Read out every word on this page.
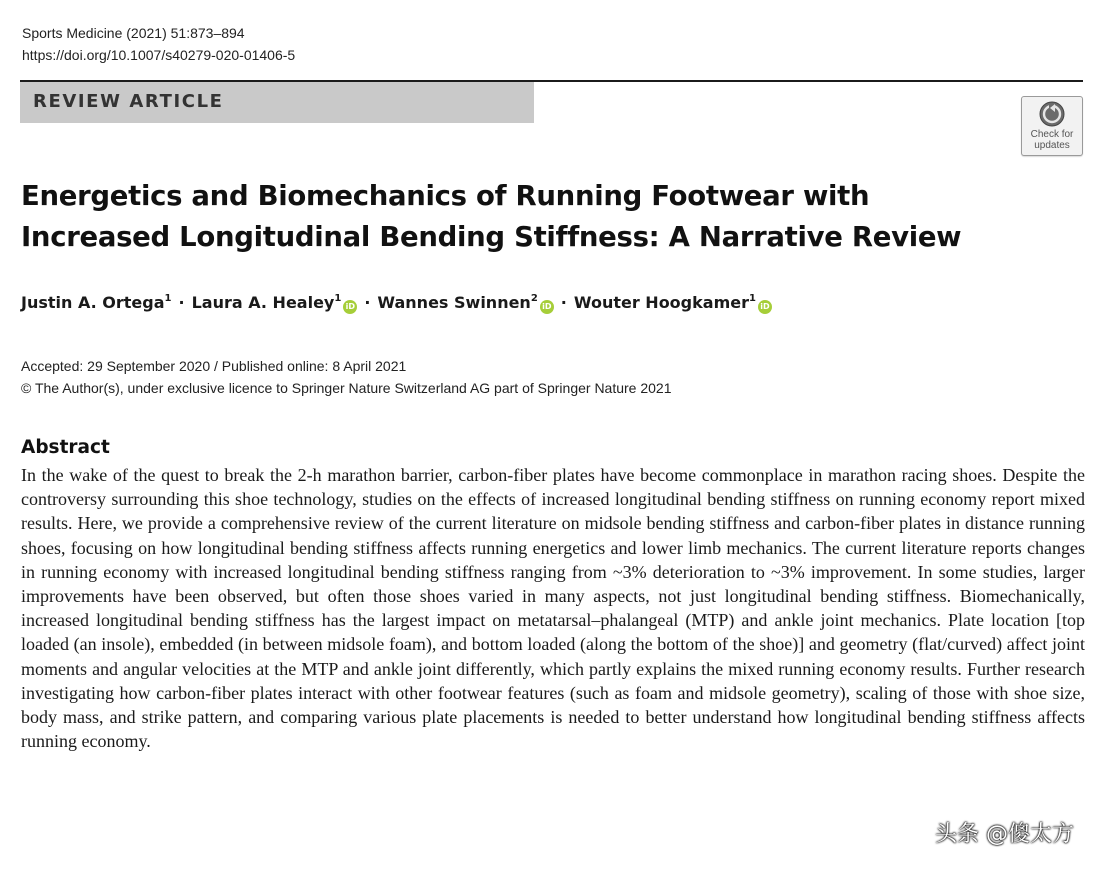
Sports Medicine (2021) 51:873–894
https://doi.org/10.1007/s40279-020-01406-5
REVIEW ARTICLE
Check for
updates
Energetics and Biomechanics of Running Footwear with Increased Longitudinal Bending Stiffness: A Narrative Review
Justin A. Ortega$^1$ · Laura A. Healey$^1$iD · Wannes Swinnen$^2$iD · Wouter Hoogkamer$^1$iD
Accepted: 29 September 2020 / Published online: 8 April 2021
© The Author(s), under exclusive licence to Springer Nature Switzerland AG part of Springer Nature 2021
Abstract
In the wake of the quest to break the 2-h marathon barrier, carbon-fiber plates have become commonplace in marathon racing shoes. Despite the controversy surrounding this shoe technology, studies on the effects of increased longitudinal bending stiffness on running economy report mixed results. Here, we provide a comprehensive review of the current literature on midsole bending stiffness and carbon-fiber plates in distance running shoes, focusing on how longitudinal bending stiffness affects running energetics and lower limb mechanics. The current literature reports changes in running economy with increased longitudinal bending stiffness ranging from ~3% deterioration to ~3% improvement. In some studies, larger improvements have been observed, but often those shoes varied in many aspects, not just longitudinal bending stiffness. Biomechanically, increased longitudinal bending stiffness has the largest impact on metatarsal–phalangeal (MTP) and ankle joint mechanics. Plate location [top loaded (an insole), embedded (in between midsole foam), and bottom loaded (along the bottom of the shoe)] and geometry (flat/curved) affect joint moments and angular velocities at the MTP and ankle joint differently, which partly explains the mixed running economy results. Further research investigating how carbon-fiber plates interact with other footwear features (such as foam and midsole geometry), scaling of those with shoe size, body mass, and strike pattern, and comparing various plate placements is needed to better understand how longitudinal bending stiffness affects running economy.
头条 @傻太方
